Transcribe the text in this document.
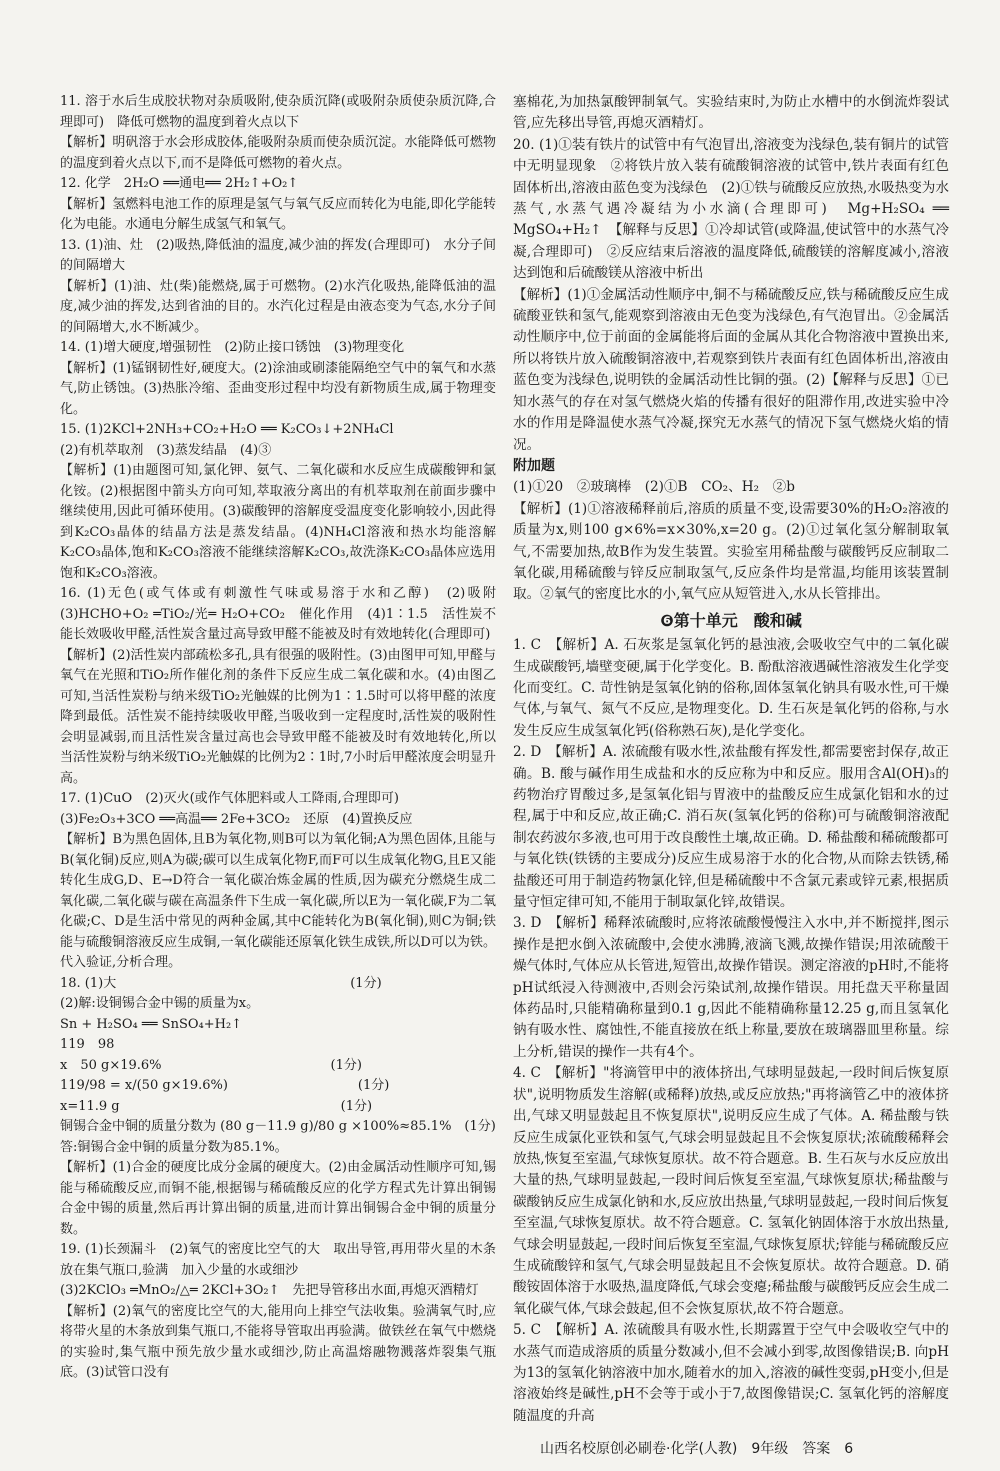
11. 溶于水后生成胶状物对杂质吸附,使杂质沉降(或吸附杂质使杂质沉降,合理即可)　降低可燃物的温度到着火点以下

【解析】明矾溶于水会形成胶体,能吸附杂质而使杂质沉淀。水能降低可燃物的温度到着火点以下,而不是降低可燃物的着火点。

12. 化学　2H₂O ══通电══ 2H₂↑+O₂↑

【解析】氢燃料电池工作的原理是氢气与氧气反应而转化为电能,即化学能转化为电能。水通电分解生成氢气和氧气。

13. (1)油、灶　(2)吸热,降低油的温度,减少油的挥发(合理即可)　水分子间的间隔增大

【解析】(1)油、灶(柴)能燃烧,属于可燃物。(2)水汽化吸热,能降低油的温度,减少油的挥发,达到省油的目的。水汽化过程是由液态变为气态,水分子间的间隔增大,水不断减少。

14. (1)增大硬度,增强韧性　(2)防止接口锈蚀　(3)物理变化

【解析】(1)锰钢韧性好,硬度大。(2)涂油或刷漆能隔绝空气中的氧气和水蒸气,防止锈蚀。(3)热胀冷缩、歪曲变形过程中均没有新物质生成,属于物理变化。

15. (1)2KCl+2NH₃+CO₂+H₂O ══ K₂CO₃↓+2NH₄Cl

(2)有机萃取剂　(3)蒸发结晶　(4)③

【解析】(1)由题图可知,氯化钾、氨气、二氧化碳和水反应生成碳酸钾和氯化铵。(2)根据图中箭头方向可知,萃取液分离出的有机萃取剂在前面步骤中继续使用,因此可循环使用。(3)碳酸钾的溶解度受温度变化影响较小,因此得到K₂CO₃晶体的结晶方法是蒸发结晶。(4)NH₄Cl溶液和热水均能溶解K₂CO₃晶体,饱和K₂CO₃溶液不能继续溶解K₂CO₃,故洗涤K₂CO₃晶体应选用饱和K₂CO₃溶液。

16. (1)无色(或气体或有刺激性气味或易溶于水和乙醇)　(2)吸附　(3)HCHO+O₂ ═TiO₂/光═ H₂O+CO₂　催化作用　(4)1∶1.5　活性炭不能长效吸收甲醛,活性炭含量过高导致甲醛不能被及时有效地转化(合理即可)

【解析】(2)活性炭内部疏松多孔,具有很强的吸附性。(3)由图甲可知,甲醛与氧气在光照和TiO₂所作催化剂的条件下反应生成二氧化碳和水。(4)由图乙可知,当活性炭粉与纳米级TiO₂光触媒的比例为1∶1.5时可以将甲醛的浓度降到最低。活性炭不能持续吸收甲醛,当吸收到一定程度时,活性炭的吸附性会明显减弱,而且活性炭含量过高也会导致甲醛不能被及时有效地转化,所以当活性炭粉与纳米级TiO₂光触媒的比例为2∶1时,7小时后甲醛浓度会明显升高。

17. (1)CuO　(2)灭火(或作气体肥料或人工降雨,合理即可)

(3)Fe₂O₃+3CO ══高温══ 2Fe+3CO₂　还原　(4)置换反应

【解析】B为黑色固体,且B为氧化物,则B可以为氧化铜;A为黑色固体,且能与B(氧化铜)反应,则A为碳;碳可以生成氧化物F,而F可以生成氧化物G,且E又能转化生成G,D、E→D符合一氧化碳冶炼金属的性质,因为碳充分燃烧生成二氧化碳,二氧化碳与碳在高温条件下生成一氧化碳,所以E为一氧化碳,F为二氧化碳;C、D是生活中常见的两种金属,其中C能转化为B(氧化铜),则C为铜;铁能与硫酸铜溶液反应生成铜,一氧化碳能还原氧化铁生成铁,所以D可以为铁。代入验证,分析合理。

18. (1)大　　　　　　　　　　　　　　　　　　(1分)

(2)解:设铜锡合金中锡的质量为x。

Sn + H₂SO₄ ══ SnSO₄+H₂↑

119　98

x　50 g×19.6%　　　　　　　　　　　　　(1分)

119/98 = x/(50 g×19.6%)　　　　　　　　　　(1分)

x=11.9 g　　　　　　　　　　　　　　　　　(1分)

铜锡合金中铜的质量分数为 (80 g－11.9 g)/80 g ×100%≈85.1%　(1分)

答:铜锡合金中铜的质量分数为85.1%。

【解析】(1)合金的硬度比成分金属的硬度大。(2)由金属活动性顺序可知,锡能与稀硫酸反应,而铜不能,根据锡与稀硫酸反应的化学方程式先计算出铜锡合金中锡的质量,然后再计算出铜的质量,进而计算出铜锡合金中铜的质量分数。

19. (1)长颈漏斗　(2)氧气的密度比空气的大　取出导管,再用带火星的木条放在集气瓶口,验满　加入少量的水或细沙

(3)2KClO₃ ═MnO₂/△═ 2KCl+3O₂↑　先把导管移出水面,再熄灭酒精灯

【解析】(2)氧气的密度比空气的大,能用向上排空气法收集。验满氧气时,应将带火星的木条放到集气瓶口,不能将导管取出再验满。做铁丝在氧气中燃烧的实验时,集气瓶中预先放少量水或细沙,防止高温熔融物溅落炸裂集气瓶底。(3)试管口没有

塞棉花,为加热氯酸钾制氧气。实验结束时,为防止水槽中的水倒流炸裂试管,应先移出导管,再熄灭酒精灯。

20. (1)①装有铁片的试管中有气泡冒出,溶液变为浅绿色,装有铜片的试管中无明显现象　②将铁片放入装有硫酸铜溶液的试管中,铁片表面有红色固体析出,溶液由蓝色变为浅绿色　(2)①铁与硫酸反应放热,水吸热变为水蒸气,水蒸气遇冷凝结为小水滴(合理即可)　Mg+H₂SO₄ ══ MgSO₄+H₂↑　【解释与反思】①冷却试管(或降温,使试管中的水蒸气冷凝,合理即可)　②反应结束后溶液的温度降低,硫酸镁的溶解度减小,溶液达到饱和后硫酸镁从溶液中析出

【解析】(1)①金属活动性顺序中,铜不与稀硫酸反应,铁与稀硫酸反应生成硫酸亚铁和氢气,能观察到溶液由无色变为浅绿色,有气泡冒出。②金属活动性顺序中,位于前面的金属能将后面的金属从其化合物溶液中置换出来,所以将铁片放入硫酸铜溶液中,若观察到铁片表面有红色固体析出,溶液由蓝色变为浅绿色,说明铁的金属活动性比铜的强。(2)【解释与反思】①已知水蒸气的存在对氢气燃烧火焰的传播有很好的阻滞作用,改进实验中冷水的作用是降温使水蒸气冷凝,探究无水蒸气的情况下氢气燃烧火焰的情况。

附加题

(1)①20　②玻璃棒　(2)①B　CO₂、H₂　②b

【解析】(1)①溶液稀释前后,溶质的质量不变,设需要30%的H₂O₂溶液的质量为x,则100 g×6%=x×30%,x=20 g。(2)①过氧化氢分解制取氧气,不需要加热,故B作为发生装置。实验室用稀盐酸与碳酸钙反应制取二氧化碳,用稀硫酸与锌反应制取氢气,反应条件均是常温,均能用该装置制取。②氧气的密度比水的小,氧气应从短管进入,水从长管排出。

❻第十单元　酸和碱

1. C　【解析】A. 石灰浆是氢氧化钙的悬浊液,会吸收空气中的二氧化碳生成碳酸钙,墙壁变硬,属于化学变化。B. 酚酞溶液遇碱性溶液发生化学变化而变红。C. 苛性钠是氢氧化钠的俗称,固体氢氧化钠具有吸水性,可干燥气体,与氧气、氮气不反应,是物理变化。D. 生石灰是氧化钙的俗称,与水发生反应生成氢氧化钙(俗称熟石灰),是化学变化。

2. D　【解析】A. 浓硫酸有吸水性,浓盐酸有挥发性,都需要密封保存,故正确。B. 酸与碱作用生成盐和水的反应称为中和反应。服用含Al(OH)₃的药物治疗胃酸过多,是氢氧化铝与胃液中的盐酸反应生成氯化铝和水的过程,属于中和反应,故正确;C. 消石灰(氢氧化钙的俗称)可与硫酸铜溶液配制农药波尔多液,也可用于改良酸性土壤,故正确。D. 稀盐酸和稀硫酸都可与氧化铁(铁锈的主要成分)反应生成易溶于水的化合物,从而除去铁锈,稀盐酸还可用于制造药物氯化锌,但是稀硫酸中不含氯元素或锌元素,根据质量守恒定律可知,不能用于制取氯化锌,故错误。

3. D　【解析】稀释浓硫酸时,应将浓硫酸慢慢注入水中,并不断搅拌,图示操作是把水倒入浓硫酸中,会使水沸腾,液滴飞溅,故操作错误;用浓硫酸干燥气体时,气体应从长管进,短管出,故操作错误。测定溶液的pH时,不能将pH试纸浸入待测液中,否则会污染试剂,故操作错误。用托盘天平称量固体药品时,只能精确称量到0.1 g,因此不能精确称量12.25 g,而且氢氧化钠有吸水性、腐蚀性,不能直接放在纸上称量,要放在玻璃器皿里称量。综上分析,错误的操作一共有4个。

4. C　【解析】"将滴管甲中的液体挤出,气球明显鼓起,一段时间后恢复原状",说明物质发生溶解(或稀释)放热,或反应放热;"再将滴管乙中的液体挤出,气球又明显鼓起且不恢复原状",说明反应生成了气体。A. 稀盐酸与铁反应生成氯化亚铁和氢气,气球会明显鼓起且不会恢复原状;浓硫酸稀释会放热,恢复至室温,气球恢复原状。故不符合题意。B. 生石灰与水反应放出大量的热,气球明显鼓起,一段时间后恢复至室温,气球恢复原状;稀盐酸与碳酸钠反应生成氯化钠和水,反应放出热量,气球明显鼓起,一段时间后恢复至室温,气球恢复原状。故不符合题意。C. 氢氧化钠固体溶于水放出热量,气球会明显鼓起,一段时间后恢复至室温,气球恢复原状;锌能与稀硫酸反应生成硫酸锌和氢气,气球会明显鼓起且不会恢复原状。故符合题意。D. 硝酸铵固体溶于水吸热,温度降低,气球会变瘪;稀盐酸与碳酸钙反应会生成二氧化碳气体,气球会鼓起,但不会恢复原状,故不符合题意。

5. C　【解析】A. 浓硫酸具有吸水性,长期露置于空气中会吸收空气中的水蒸气而造成溶质的质量分数减小,但不会减小到零,故图像错误;B. 向pH为13的氢氧化钠溶液中加水,随着水的加入,溶液的碱性变弱,pH变小,但是溶液始终是碱性,pH不会等于或小于7,故图像错误;C. 氢氧化钙的溶解度随温度的升高

山西名校原创必刷卷·化学(人教)　9年级　答案　6
